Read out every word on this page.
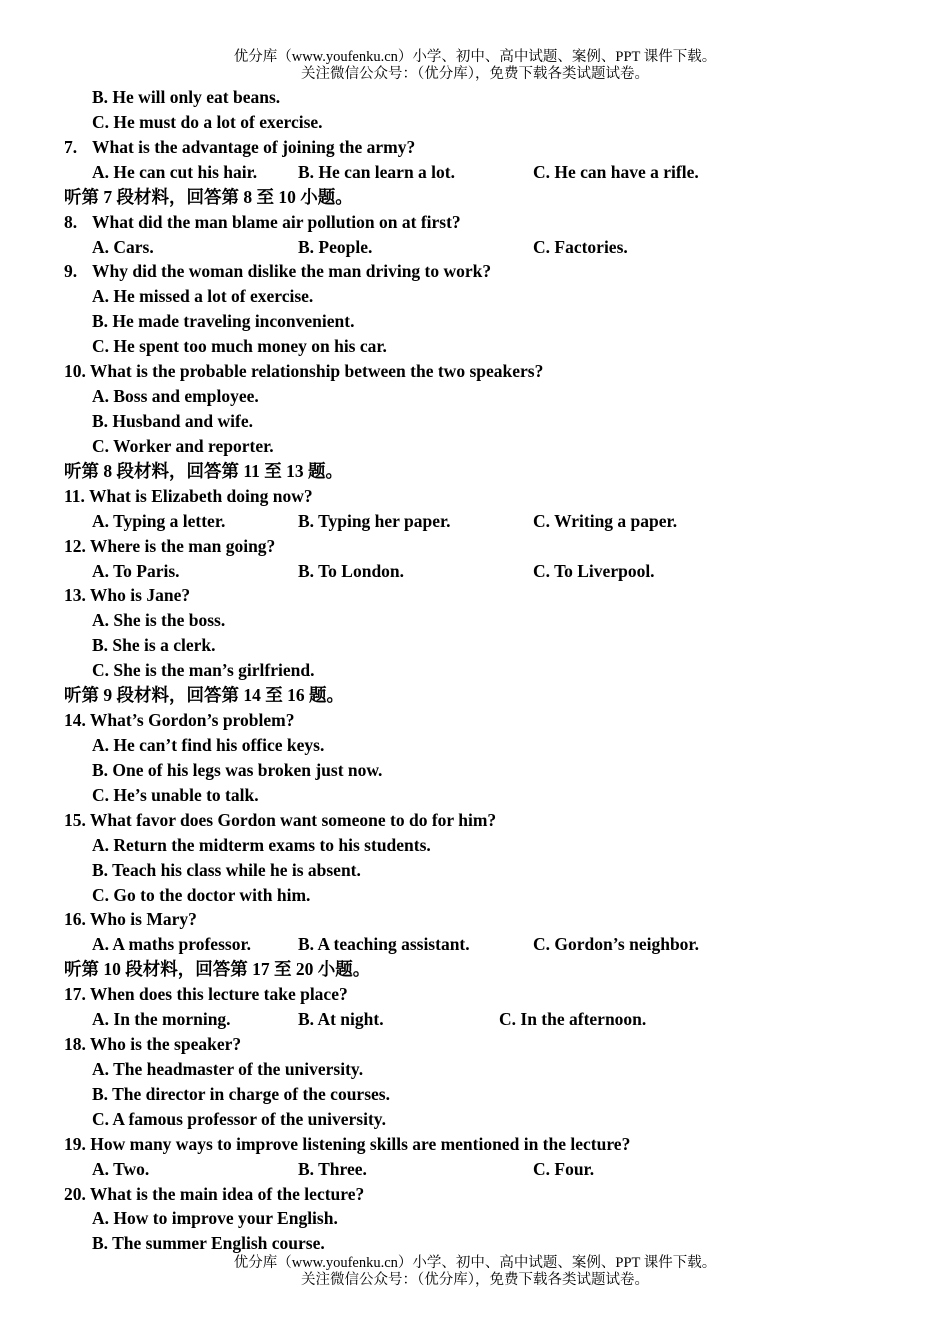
优分库（www.youfenku.cn）小学、初中、高中试题、案例、PPT 课件下载。
关注微信公众号：（优分库），免费下载各类试题试卷。
B. He will only eat beans.
C. He must do a lot of exercise.
7. What is the advantage of joining the army?
A. He can cut his hair. B. He can learn a lot.	C. He can have a rifle.
听第 7 段材料，回答第 8 至 10 小题。
8. What did the man blame air pollution on at first?
A. Cars.	B. People.	C. Factories.
9. Why did the woman dislike the man driving to work?
A. He missed a lot of exercise.
B. He made traveling inconvenient.
C. He spent too much money on his car.
10. What is the probable relationship between the two speakers?
A. Boss and employee.
B. Husband and wife.
C. Worker and reporter.
听第 8 段材料，回答第 11 至 13 题。
11. What is Elizabeth doing now?
A. Typing a letter.	B. Typing her paper.	C. Writing a paper.
12. Where is the man going?
A. To Paris.	B. To London.	C. To Liverpool.
13. Who is Jane?
A. She is the boss.
B. She is a clerk.
C. She is the man’s girlfriend.
听第 9 段材料，回答第 14 至 16 题。
14. What’s Gordon’s problem?
A. He can’t find his office keys.
B. One of his legs was broken just now.
C. He’s unable to talk.
15. What favor does Gordon want someone to do for him?
A. Return the midterm exams to his students.
B. Teach his class while he is absent.
C. Go to the doctor with him.
16. Who is Mary?
A. A maths professor.	B. A teaching assistant.	C. Gordon’s neighbor.
听第 10 段材料，回答第 17 至 20 小题。
17. When does this lecture take place?
A. In the morning.	B. At night.	C. In the afternoon.
18. Who is the speaker?
A. The headmaster of the university.
B. The director in charge of the courses.
C. A famous professor of the university.
19. How many ways to improve listening skills are mentioned in the lecture?
A. Two.	B. Three.	C. Four.
20. What is the main idea of the lecture?
A. How to improve your English.
B. The summer English course.
优分库（www.youfenku.cn）小学、初中、高中试题、案例、PPT 课件下载。
关注微信公众号：（优分库），免费下载各类试题试卷。
